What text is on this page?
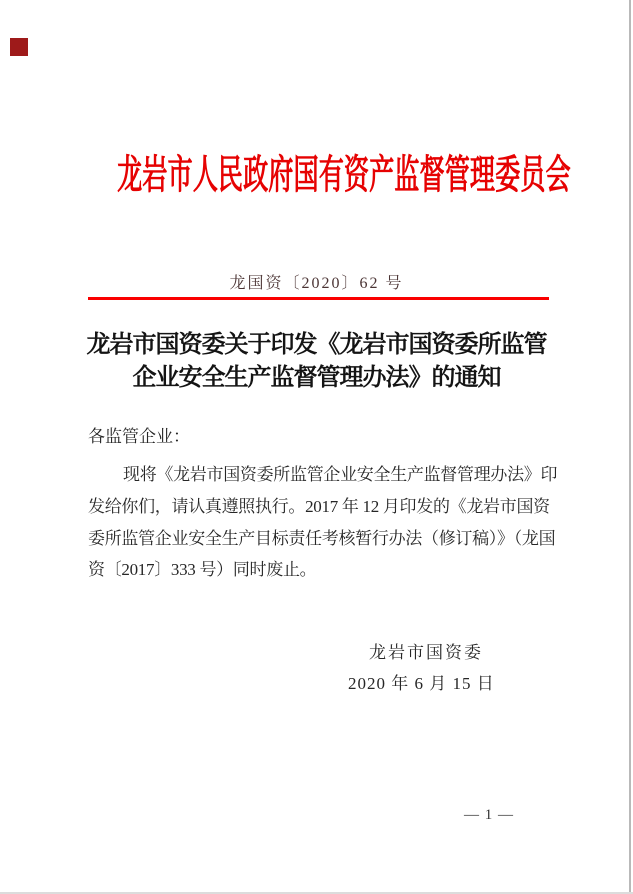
龙岩市人民政府国有资产监督管理委员会
龙国资〔2020〕62 号
龙岩市国资委关于印发《龙岩市国资委所监管
企业安全生产监督管理办法》的通知
各监管企业：
现将《龙岩市国资委所监管企业安全生产监督管理办法》印
发给你们，请认真遵照执行。2017 年 12 月印发的《龙岩市国资
委所监管企业安全生产目标责任考核暂行办法（修订稿）》（龙国
资〔2017〕333 号）同时废止。
龙岩市国资委
2020 年 6 月 15 日
— 1 —
